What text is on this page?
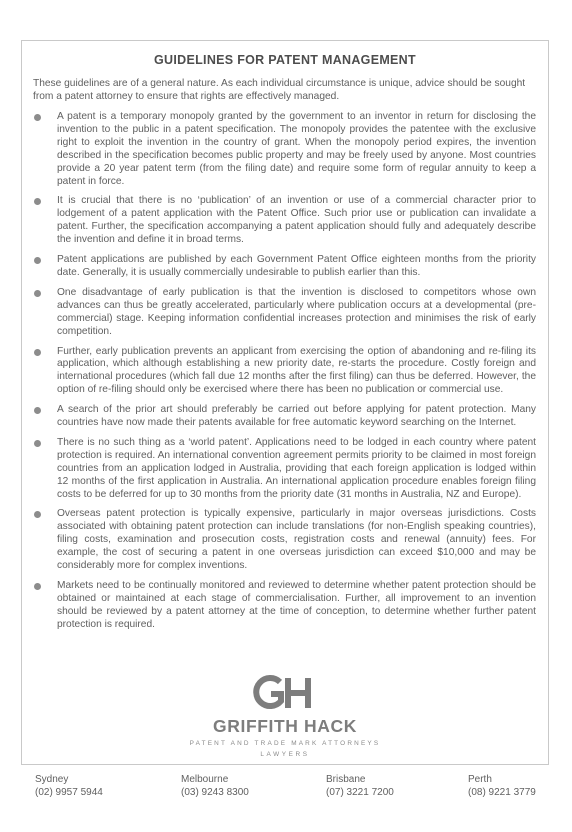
GUIDELINES FOR PATENT MANAGEMENT
These guidelines are of a general nature. As each individual circumstance is unique, advice should be sought from a patent attorney to ensure that rights are effectively managed.
A patent is a temporary monopoly granted by the government to an inventor in return for disclosing the invention to the public in a patent specification. The monopoly provides the patentee with the exclusive right to exploit the invention in the country of grant. When the monopoly period expires, the invention described in the specification becomes public property and may be freely used by anyone. Most countries provide a 20 year patent term (from the filing date) and require some form of regular annuity to keep a patent in force.
It is crucial that there is no ‘publication’ of an invention or use of a commercial character prior to lodgement of a patent application with the Patent Office. Such prior use or publication can invalidate a patent. Further, the specification accompanying a patent application should fully and adequately describe the invention and define it in broad terms.
Patent applications are published by each Government Patent Office eighteen months from the priority date. Generally, it is usually commercially undesirable to publish earlier than this.
One disadvantage of early publication is that the invention is disclosed to competitors whose own advances can thus be greatly accelerated, particularly where publication occurs at a developmental (pre-commercial) stage. Keeping information confidential increases protection and minimises the risk of early competition.
Further, early publication prevents an applicant from exercising the option of abandoning and re-filing its application, which although establishing a new priority date, re-starts the procedure. Costly foreign and international procedures (which fall due 12 months after the first filing) can thus be deferred. However, the option of re-filing should only be exercised where there has been no publication or commercial use.
A search of the prior art should preferably be carried out before applying for patent protection. Many countries have now made their patents available for free automatic keyword searching on the Internet.
There is no such thing as a ‘world patent’. Applications need to be lodged in each country where patent protection is required. An international convention agreement permits priority to be claimed in most foreign countries from an application lodged in Australia, providing that each foreign application is lodged within 12 months of the first application in Australia. An international application procedure enables foreign filing costs to be deferred for up to 30 months from the priority date (31 months in Australia, NZ and Europe).
Overseas patent protection is typically expensive, particularly in major overseas jurisdictions. Costs associated with obtaining patent protection can include translations (for non-English speaking countries), filing costs, examination and prosecution costs, registration costs and renewal (annuity) fees. For example, the cost of securing a patent in one overseas jurisdiction can exceed $10,000 and may be considerably more for complex inventions.
Markets need to be continually monitored and reviewed to determine whether patent protection should be obtained or maintained at each stage of commercialisation. Further, all improvement to an invention should be reviewed by a patent attorney at the time of conception, to determine whether further patent protection is required.
GRIFFITH HACK
PATENT AND TRADE MARK ATTORNEYS
LAWYERS
Sydney
(02) 9957 5944
Melbourne
(03) 9243 8300
Brisbane
(07) 3221 7200
Perth
(08) 9221 3779
